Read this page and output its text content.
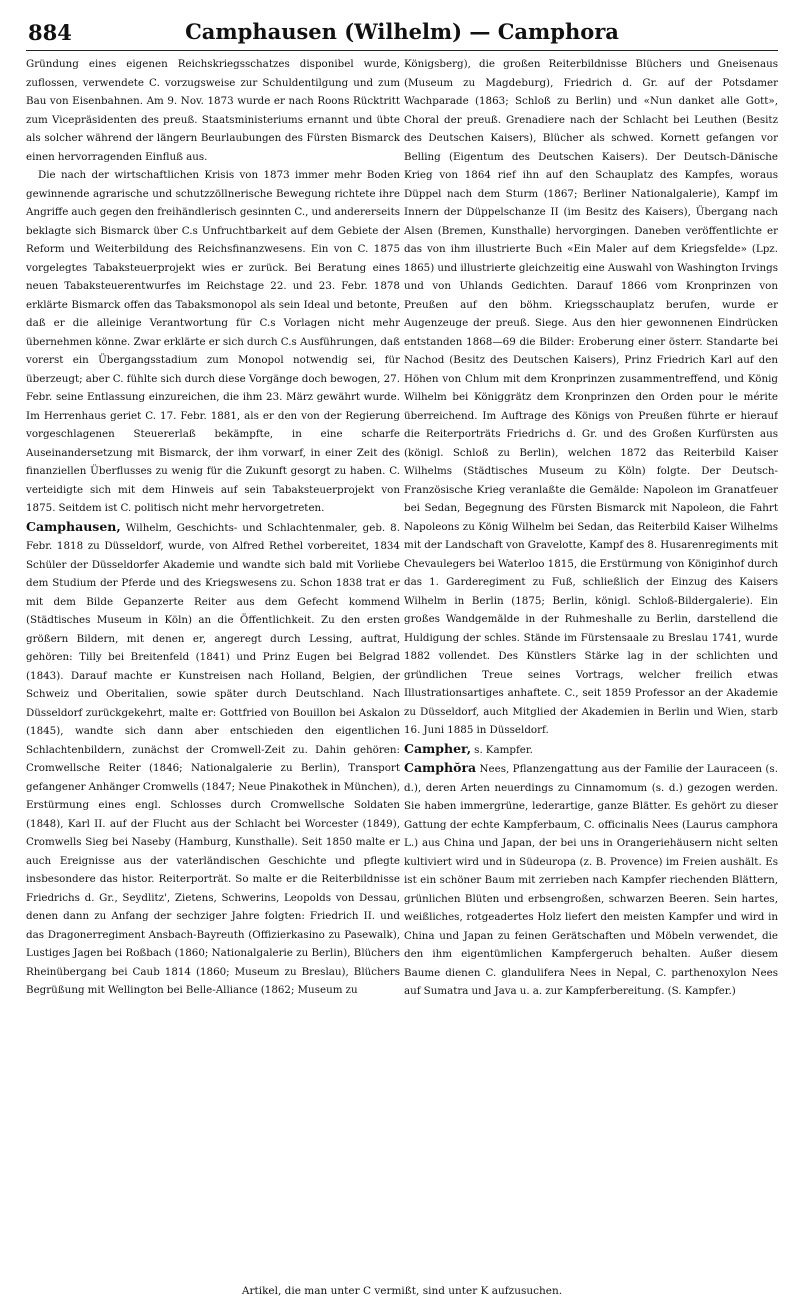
884	Camphausen (Wilhelm) — Camphora

Gründung eines eigenen Reichskriegsschatzes disponibel wurde, zuflossen, verwendete C. vorzugsweise zur Schuldentilgung und zum Bau von Eisenbahnen. Am 9. Nov. 1873 wurde er nach Roons Rücktritt zum Vicepräsidenten des preuß. Staatsministeriums ernannt und übte als solcher während der längern Beurlaubungen des Fürsten Bismarck einen hervorragenden Einfluß aus.

Die nach der wirtschaftlichen Krisis von 1873 immer mehr Boden gewinnende agrarische und schutzzöllnerische Bewegung richtete ihre Angriffe auch gegen den freihändlerisch gesinnten C., und andererseits beklagte sich Bismarck über C.s Unfruchtbarkeit auf dem Gebiete der Reform und Weiterbildung des Reichsfinanzwesens. Ein von C. 1875 vorgelegtes Tabaksteuerprojekt wies er zurück. Bei Beratung eines neuen Tabaksteuerentwurfes im Reichstage 22. und 23. Febr. 1878 erklärte Bismarck offen das Tabaksmonopol als sein Ideal und betonte, daß er die alleinige Verantwortung für C.s Vorlagen nicht mehr übernehmen könne. Zwar erklärte er sich durch C.s Ausführungen, daß vorerst ein Übergangsstadium zum Monopol notwendig sei, für überzeugt; aber C. fühlte sich durch diese Vorgänge doch bewogen, 27. Febr. seine Entlassung einzureichen, die ihm 23. März gewährt wurde. Im Herrenhaus geriet C. 17. Febr. 1881, als er den von der Regierung vorgeschlagenen Steuererlaß bekämpfte, in eine scharfe Auseinandersetzung mit Bismarck, der ihm vorwarf, in einer Zeit des finanziellen Überflusses zu wenig für die Zukunft gesorgt zu haben. C. verteidigte sich mit dem Hinweis auf sein Tabaksteuerprojekt von 1875. Seitdem ist C. politisch nicht mehr hervorgetreten.

Camphausen, Wilhelm, Geschichts- und Schlachtenmaler, geb. 8. Febr. 1818 zu Düsseldorf, wurde, von Alfred Rethel vorbereitet, 1834 Schüler der Düsseldorfer Akademie und wandte sich bald mit Vorliebe dem Studium der Pferde und des Kriegswesens zu. Schon 1838 trat er mit dem Bilde Gepanzerte Reiter aus dem Gefecht kommend (Städtisches Museum in Köln) an die Öffentlichkeit. Zu den ersten größern Bildern, mit denen er, angeregt durch Lessing, auftrat, gehören: Tilly bei Breitenfeld (1841) und Prinz Eugen bei Belgrad (1843). Darauf machte er Kunstreisen nach Holland, Belgien, der Schweiz und Oberitalien, sowie später durch Deutschland. Nach Düsseldorf zurückgekehrt, malte er: Gottfried von Bouillon bei Askalon (1845), wandte sich dann aber entschieden den eigentlichen Schlachtenbildern, zunächst der Cromwell-Zeit zu. Dahin gehören: Cromwellsche Reiter (1846; Nationalgalerie zu Berlin), Transport gefangener Anhänger Cromwells (1847; Neue Pinakothek in München), Erstürmung eines engl. Schlosses durch Cromwellsche Soldaten (1848), Karl II. auf der Flucht aus der Schlacht bei Worcester (1849), Cromwells Sieg bei Naseby (Hamburg, Kunsthalle). Seit 1850 malte er auch Ereignisse aus der vaterländischen Geschichte und pflegte insbesondere das histor. Reiterporträt. So malte er die Reiterbildnisse Friedrichs d. Gr., Seydlitz', Zietens, Schwerins, Leopolds von Dessau, denen dann zu Anfang der sechziger Jahre folgten: Friedrich II. und das Dragonerregiment Ansbach-Bayreuth (Offizierkasino zu Pasewalk), Lustiges Jagen bei Roßbach (1860; Nationalgalerie zu Berlin), Blüchers Rheinübergang bei Caub 1814 (1860; Museum zu Breslau), Blüchers Begrüßung mit Wellington bei Belle-Alliance (1862; Museum zu

Königsberg), die großen Reiterbildnisse Blüchers und Gneisenaus (Museum zu Magdeburg), Friedrich d. Gr. auf der Potsdamer Wachparade (1863; Schloß zu Berlin) und «Nun danket alle Gott», Choral der preuß. Grenadiere nach der Schlacht bei Leuthen (Besitz des Deutschen Kaisers), Blücher als schwed. Kornett gefangen vor Belling (Eigentum des Deutschen Kaisers). Der Deutsch-Dänische Krieg von 1864 rief ihn auf den Schauplatz des Kampfes, woraus Düppel nach dem Sturm (1867; Berliner Nationalgalerie), Kampf im Innern der Düppelschanze II (im Besitz des Kaisers), Übergang nach Alsen (Bremen, Kunsthalle) hervorgingen. Daneben veröffentlichte er das von ihm illustrierte Buch «Ein Maler auf dem Kriegsfelde» (Lpz. 1865) und illustrierte gleichzeitig eine Auswahl von Washington Irvings und von Uhlands Gedichten. Darauf 1866 vom Kronprinzen von Preußen auf den böhm. Kriegsschauplatz berufen, wurde er Augenzeuge der preuß. Siege. Aus den hier gewonnenen Eindrücken entstanden 1868—69 die Bilder: Eroberung einer österr. Standarte bei Nachod (Besitz des Deutschen Kaisers), Prinz Friedrich Karl auf den Höhen von Chlum mit dem Kronprinzen zusammentreffend, und König Wilhelm bei Königgrätz dem Kronprinzen den Orden pour le mérite überreichend. Im Auftrage des Königs von Preußen führte er hierauf die Reiterporträts Friedrichs d. Gr. und des Großen Kurfürsten aus (königl. Schloß zu Berlin), welchen 1872 das Reiterbild Kaiser Wilhelms (Städtisches Museum zu Köln) folgte. Der Deutsch-Französische Krieg veranlaßte die Gemälde: Napoleon im Granatfeuer bei Sedan, Begegnung des Fürsten Bismarck mit Napoleon, die Fahrt Napoleons zu König Wilhelm bei Sedan, das Reiterbild Kaiser Wilhelms mit der Landschaft von Gravelotte, Kampf des 8. Husarenregiments mit Chevaulegers bei Waterloo 1815, die Erstürmung von Königinhof durch das 1. Garderegiment zu Fuß, schließlich der Einzug des Kaisers Wilhelm in Berlin (1875; Berlin, königl. Schloß-Bildergalerie). Ein großes Wandgemälde in der Ruhmeshalle zu Berlin, darstellend die Huldigung der schles. Stände im Fürstensaale zu Breslau 1741, wurde 1882 vollendet. Des Künstlers Stärke lag in der schlichten und gründlichen Treue seines Vortrags, welcher freilich etwas Illustrationsartiges anhaftete. C., seit 1859 Professor an der Akademie zu Düsseldorf, auch Mitglied der Akademien in Berlin und Wien, starb 16. Juni 1885 in Düsseldorf.

Campher, s. Kampfer.

Camphŏra Nees, Pflanzengattung aus der Familie der Lauraceen (s. d.), deren Arten neuerdings zu Cinnamomum (s. d.) gezogen werden. Sie haben immergrüne, lederartige, ganze Blätter. Es gehört zu dieser Gattung der echte Kampferbaum, C. officinalis Nees (Laurus camphora L.) aus China und Japan, der bei uns in Orangeriehäusern nicht selten kultiviert wird und in Südeuropa (z. B. Provence) im Freien aushält. Es ist ein schöner Baum mit zerrieben nach Kampfer riechenden Blättern, grünlichen Blüten und erbsengroßen, schwarzen Beeren. Sein hartes, weißliches, rotgeadertes Holz liefert den meisten Kampfer und wird in China und Japan zu feinen Gerätschaften und Möbeln verwendet, die den ihm eigentümlichen Kampfergeruch behalten. Außer diesem Baume dienen C. glandulifera Nees in Nepal, C. parthenoxylon Nees auf Sumatra und Java u. a. zur Kampferbereitung. (S. Kampfer.)

Artikel, die man unter C vermißt, sind unter K aufzusuchen.
